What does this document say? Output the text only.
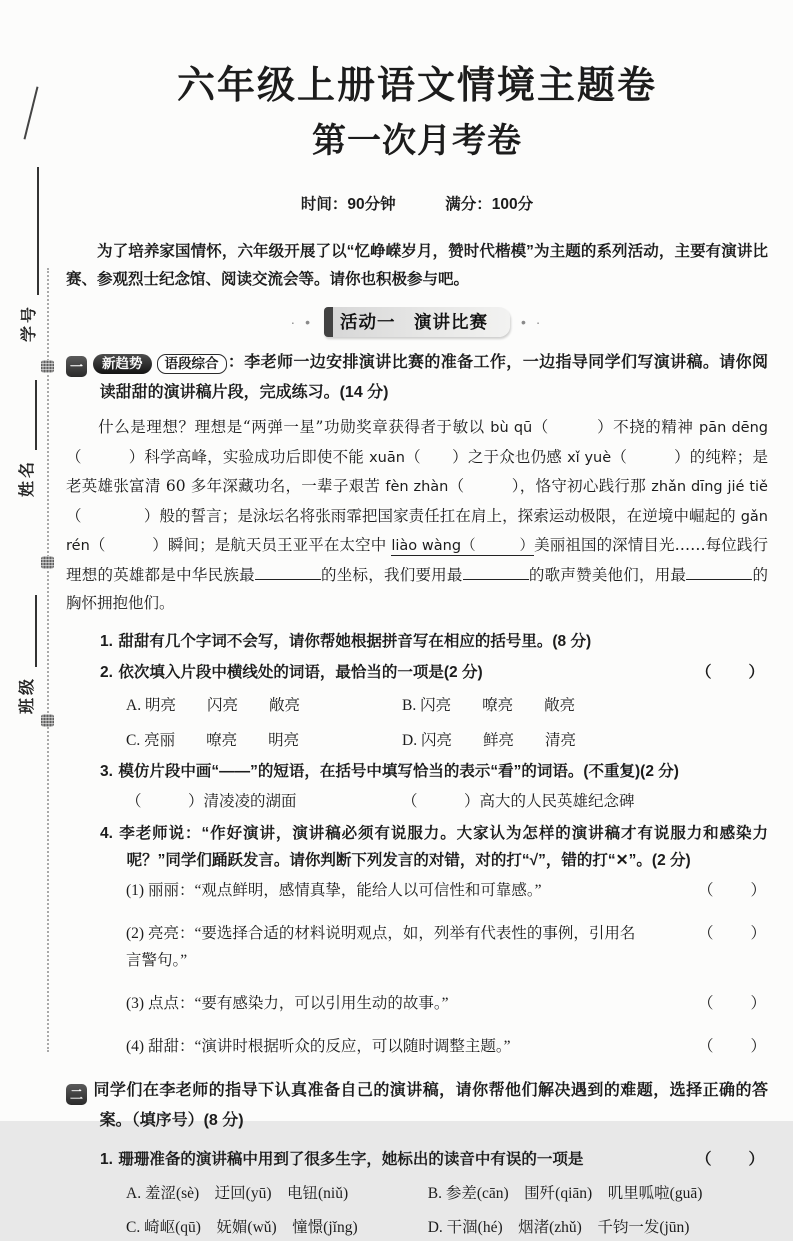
学号
姓名
班级
六年级上册语文情境主题卷
第一次月考卷

时间：90分钟	满分：100分

为了培养家国情怀，六年级开展了以“忆峥嵘岁月，赞时代楷模”为主题的系列活动，主要有演讲比赛、参观烈士纪念馆、阅读交流会等。请你也积极参与吧。

· •	活动一　演讲比赛	• ·

一 新趋势 语段综合 ：李老师一边安排演讲比赛的准备工作，一边指导同学们写演讲稿。请你阅读甜甜的演讲稿片段，完成练习。(14 分)

　　什么是理想？理想是“两弹一星”功勋奖章获得者于敏以 bù qū（　　　）不挠的精神 pān dēng（　　　）科学高峰，实验成功后即使不能 xuān（　　）之于众也仍感 xǐ yuè（　　　）的纯粹；是老英雄张富清 60 多年深藏功名，一辈子艰苦 fèn zhàn（　　　），恪守初心践行那 zhǎn dīng jié tiě（　　　　）般的誓言；是泳坛名将张雨霏把国家责任扛在肩上，探索运动极限，在逆境中崛起的 gǎn rén（　　　）瞬间；是航天员王亚平在太空中 liào wàng（　　　）美丽祖国的深情目光……每位践行理想的英雄都是中华民族最	的坐标，我们要用最	的歌声赞美他们，用最	的胸怀拥抱他们。

1. 甜甜有几个字词不会写，请你帮她根据拼音写在相应的括号里。(8 分)

2. 依次填入片段中横线处的词语，最恰当的一项是(2 分)	（　　）

A. 明亮　　闪亮　　敞亮	B. 闪亮　　嘹亮　　敞亮
C. 亮丽　　嘹亮　　明亮	D. 闪亮　　鲜亮　　清亮

3. 模仿片段中画“——”的短语，在括号中填写恰当的表示“看”的词语。(不重复)(2 分)

（　　　）清凌凌的湖面	（　　　）高大的人民英雄纪念碑

4. 李老师说：“作好演讲，演讲稿必须有说服力。大家认为怎样的演讲稿才有说服力和感染力呢？”同学们踊跃发言。请你判断下列发言的对错，对的打“√”，错的打“✕”。(2 分)

(1) 丽丽：“观点鲜明，感情真挚，能给人以可信性和可靠感。”	（　　）

(2) 亮亮：“要选择合适的材料说明观点，如，列举有代表性的事例，引用名言警句。”
（　　）

(3) 点点：“要有感染力，可以引用生动的故事。”	（　　）

(4) 甜甜：“演讲时根据听众的反应，可以随时调整主题。”	（　　）

二 同学们在李老师的指导下认真准备自己的演讲稿，请你帮他们解决遇到的难题，选择正确的答案。（填序号）(8 分)

1. 珊珊准备的演讲稿中用到了很多生字，她标出的读音中有误的一项是	（　　）

A. 羞涩(sè)　迂回(yū)　电钮(niǔ)	B. 参差(cān)　围歼(qiān)　叽里呱啦(guā)
C. 崎岖(qū)　妩媚(wǔ)　憧憬(jǐng)	D. 干涸(hé)　烟渚(zhǔ)　千钧一发(jūn)
